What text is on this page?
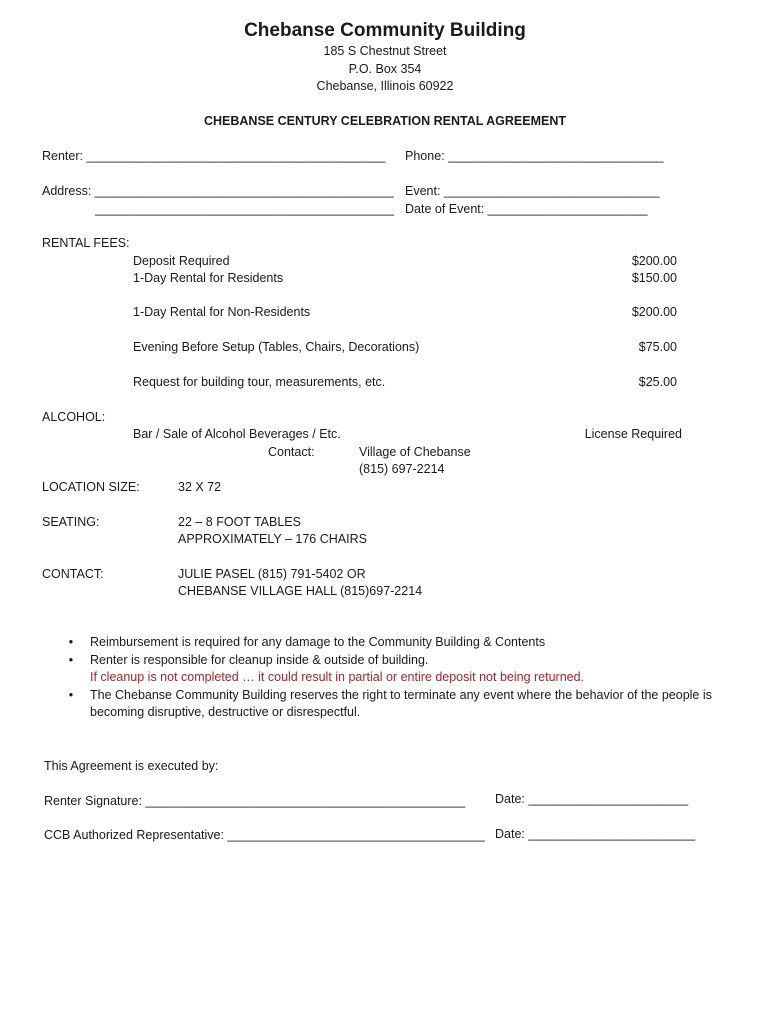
Chebanse Community Building
185 S Chestnut Street
P.O. Box 354
Chebanse, Illinois 60922
CHEBANSE CENTURY CELEBRATION RENTAL AGREEMENT
Renter: ___________________________________________ Phone: _______________________________
Address: ___________________________________________
___________________________________________
Event: _______________________________
Date of Event: _______________________
RENTAL FEES:
Deposit Required	$200.00
1-Day Rental for Residents	$150.00
1-Day Rental for Non-Residents	$200.00
Evening Before Setup (Tables, Chairs, Decorations)	$75.00
Request for building tour, measurements, etc.	$25.00
ALCOHOL:
Bar / Sale of Alcohol Beverages / Etc.	License Required
Contact:	Village of Chebanse
(815) 697-2214
LOCATION SIZE:	32 X 72
SEATING:	22 – 8 FOOT TABLES
APPROXIMATELY – 176 CHAIRS
CONTACT:	JULIE PASEL (815) 791-5402 OR
CHEBANSE VILLAGE HALL (815)697-2214
•	Reimbursement is required for any damage to the Community Building & Contents
•	Renter is responsible for cleanup inside & outside of building.
If cleanup is not completed … it could result in partial or entire deposit not being returned.
•	The Chebanse Community Building reserves the right to terminate any event where the behavior of the people is becoming disruptive, destructive or disrespectful.
This Agreement is executed by:
Renter Signature: ______________________________________________ Date: _______________________
CCB Authorized Representative: _____________________________________ Date: ________________________
